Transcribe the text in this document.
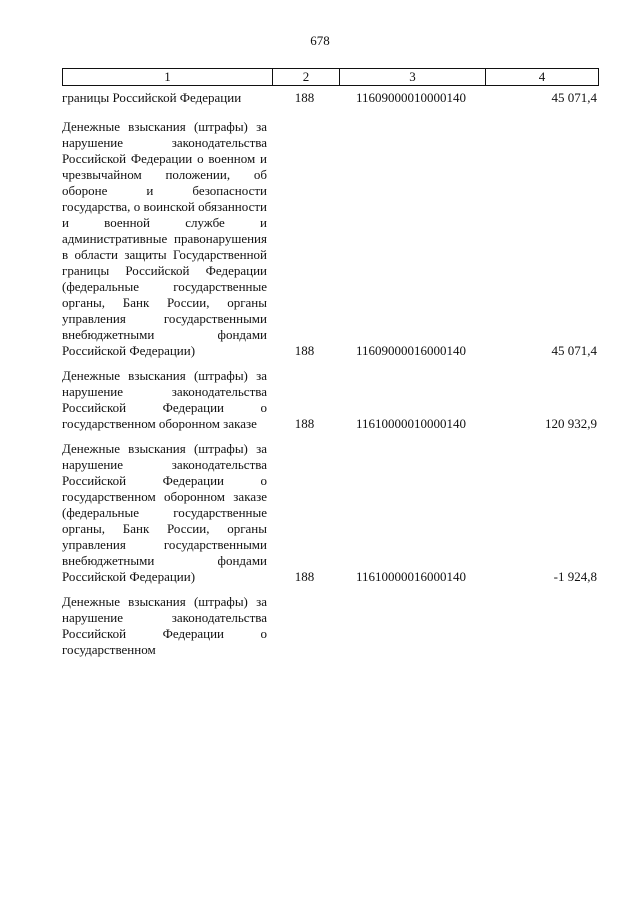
678
1	2	3	4
границы Российской Федерации	188	11609000010000140	45 071,4
Денежные взыскания (штрафы) за нарушение законодательства Российской Федерации о военном и чрезвычайном положении, об обороне и безопасности государства, о воинской обязанности и военной службе и административные правонарушения в области защиты Государственной границы Российской Федерации (федеральные государственные органы, Банк России, органы управления государственными внебюджетными фондами Российской Федерации)	188	11609000016000140	45 071,4
Денежные взыскания (штрафы) за нарушение законодательства Российской Федерации о государственном оборонном заказе	188	11610000010000140	120 932,9
Денежные взыскания (штрафы) за нарушение законодательства Российской Федерации о государственном оборонном заказе (федеральные государственные органы, Банк России, органы управления государственными внебюджетными фондами Российской Федерации)	188	11610000016000140	-1 924,8
Денежные взыскания (штрафы) за нарушение законодательства Российской Федерации о государственном
